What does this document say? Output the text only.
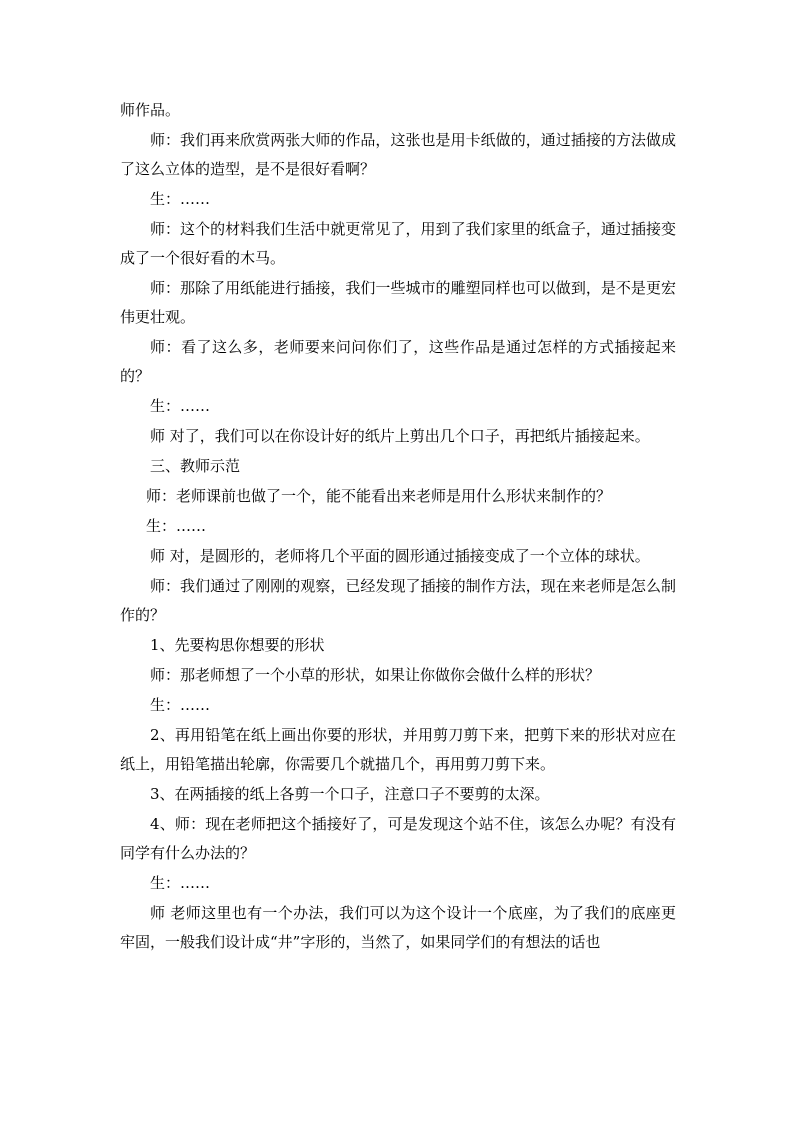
师作品。

师：我们再来欣赏两张大师的作品，这张也是用卡纸做的，通过插接的方法做成了这么立体的造型，是不是很好看啊？

生：……

师：这个的材料我们生活中就更常见了，用到了我们家里的纸盒子，通过插接变成了一个很好看的木马。

师：那除了用纸能进行插接，我们一些城市的雕塑同样也可以做到，是不是更宏伟更壮观。

师：看了这么多，老师要来问问你们了，这些作品是通过怎样的方式插接起来的？

生：……

师 对了，我们可以在你设计好的纸片上剪出几个口子，再把纸片插接起来。

三、教师示范

师：老师课前也做了一个，能不能看出来老师是用什么形状来制作的？

生：……

师 对，是圆形的，老师将几个平面的圆形通过插接变成了一个立体的球状。

师：我们通过了刚刚的观察，已经发现了插接的制作方法，现在来老师是怎么制作的？

1、先要构思你想要的形状

师：那老师想了一个小草的形状，如果让你做你会做什么样的形状？

生：……

2、再用铅笔在纸上画出你要的形状，并用剪刀剪下来，把剪下来的形状对应在纸上，用铅笔描出轮廓，你需要几个就描几个，再用剪刀剪下来。

3、在两插接的纸上各剪一个口子，注意口子不要剪的太深。

4、师：现在老师把这个插接好了，可是发现这个站不住，该怎么办呢？有没有同学有什么办法的？

生：……

师 老师这里也有一个办法，我们可以为这个设计一个底座，为了我们的底座更牢固，一般我们设计成“井”字形的，当然了，如果同学们的有想法的话也
